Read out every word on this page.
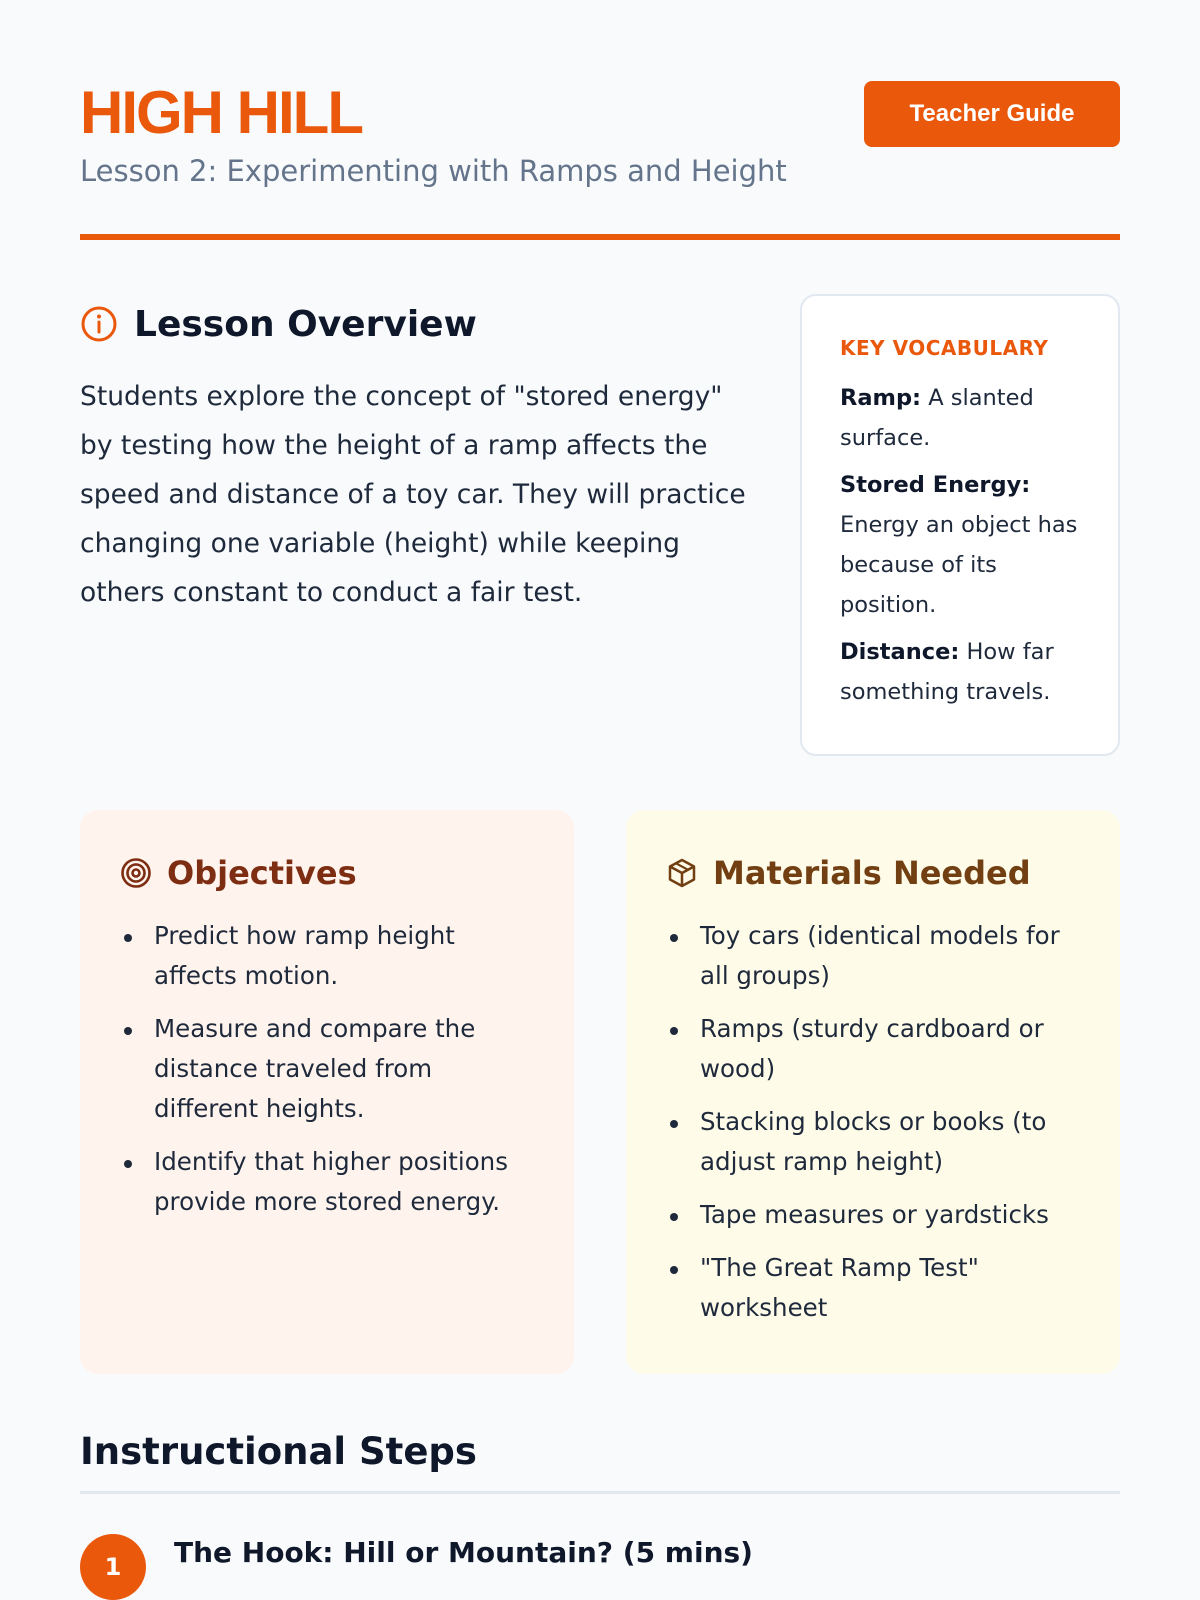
HIGH HILL
Lesson 2: Experimenting with Ramps and Height
Teacher Guide
Lesson Overview

Students explore the concept of "stored energy" by testing how the height of a ramp affects the speed and distance of a toy car. They will practice changing one variable (height) while keeping others constant to conduct a fair test.

KEY VOCABULARY
Ramp: A slanted surface.
Stored Energy: Energy an object has because of its position.
Distance: How far something travels.
Objectives
Predict how ramp height affects motion.
Measure and compare the distance traveled from different heights.
Identify that higher positions provide more stored energy.
Materials Needed
Toy cars (identical models for all groups)
Ramps (sturdy cardboard or wood)
Stacking blocks or books (to adjust ramp height)
Tape measures or yardsticks
"The Great Ramp Test" worksheet
Instructional Steps
1	The Hook: Hill or Mountain? (5 mins)
